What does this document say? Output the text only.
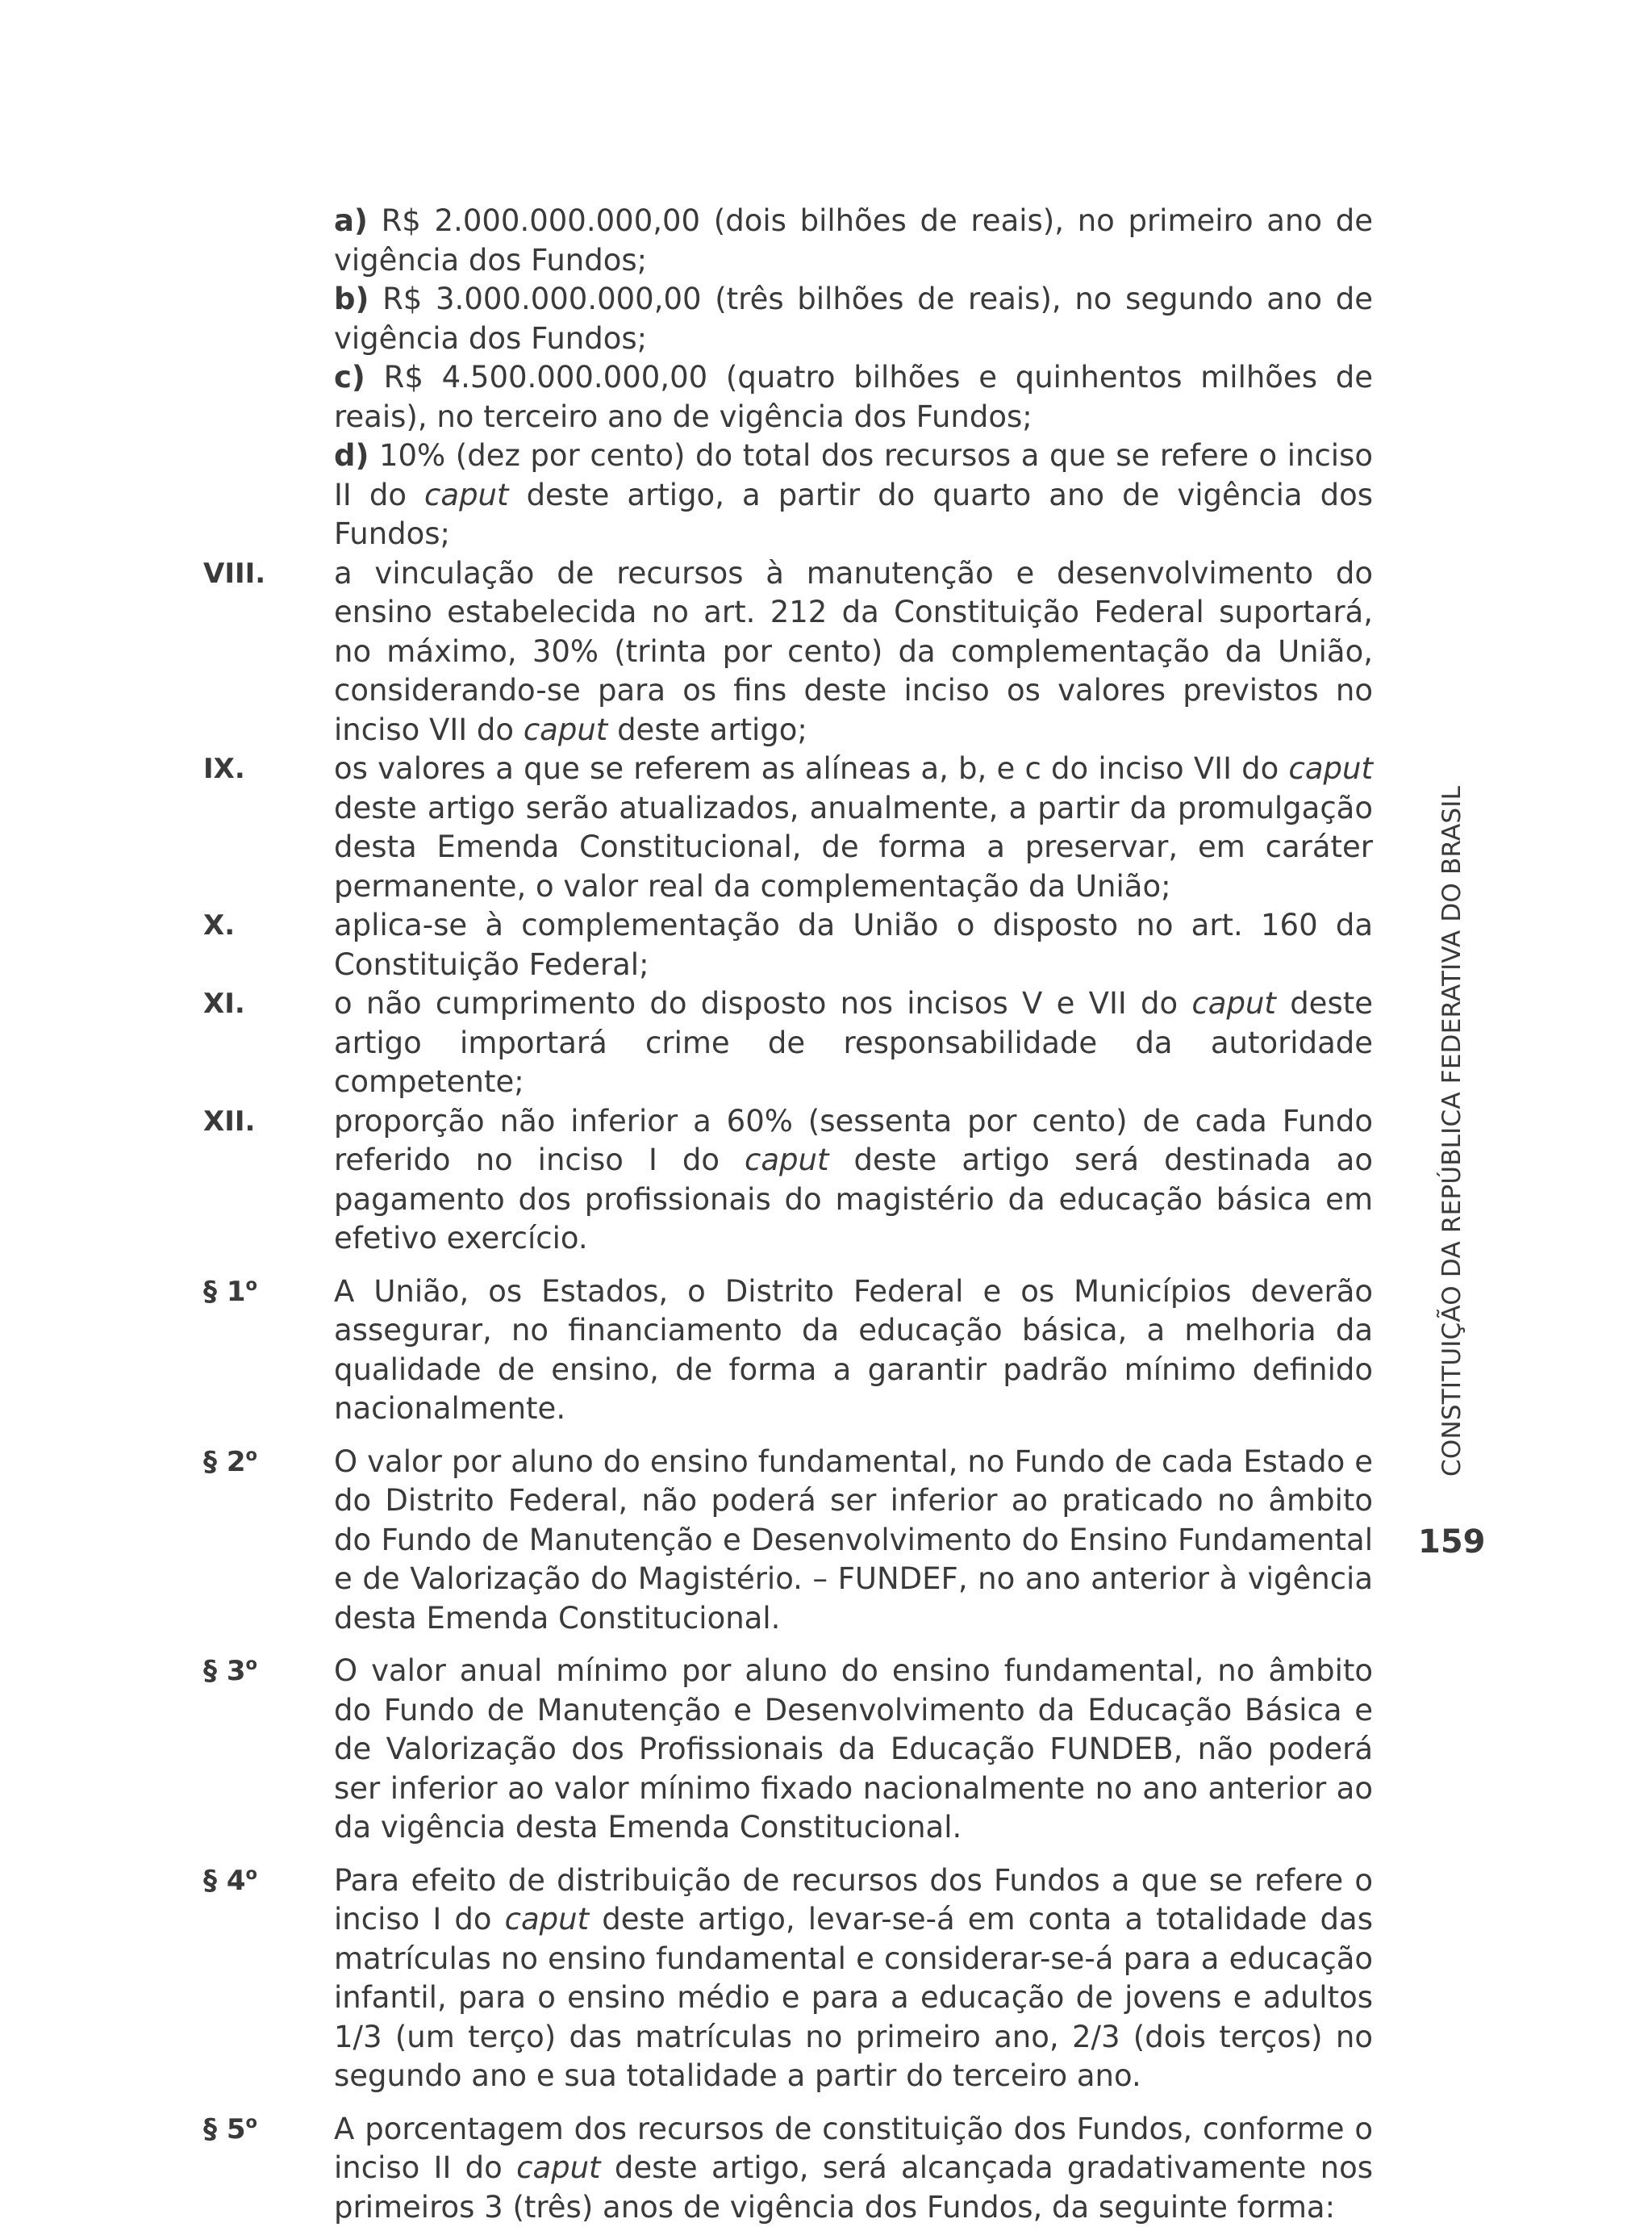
a) R$ 2.000.000.000,00 (dois bilhões de reais), no primeiro ano de vigência dos Fundos;
b) R$ 3.000.000.000,00 (três bilhões de reais), no segundo ano de vigência dos Fundos;
c) R$ 4.500.000.000,00 (quatro bilhões e quinhentos milhões de reais), no terceiro ano de vigência dos Fundos;
d) 10% (dez por cento) do total dos recursos a que se refere o inciso II do caput deste artigo, a partir do quarto ano de vigência dos Fundos;
VIII.	a vinculação de recursos à manutenção e desenvolvimento do ensino estabelecida no art. 212 da Constituição Federal suportará, no máximo, 30% (trinta por cento) da complementação da União, considerando-se para os fins deste inciso os valores previstos no inciso VII do caput deste artigo;
IX.	os valores a que se referem as alíneas a, b, e c do inciso VII do caput deste artigo serão atualizados, anualmente, a partir da promulgação desta Emenda Constitucional, de forma a preservar, em caráter permanente, o valor real da complementação da União;
X.	aplica-se à complementação da União o disposto no art. 160 da Constituição Federal;
XI.	o não cumprimento do disposto nos incisos V e VII do caput deste artigo importará crime de responsabilidade da autoridade competente;
XII.	proporção não inferior a 60% (sessenta por cento) de cada Fundo referido no inciso I do caput deste artigo será destinada ao pagamento dos profissionais do magistério da educação básica em efetivo exercício.
§ 1 o	A União, os Estados, o Distrito Federal e os Municípios deverão assegurar, no financiamento da educação básica, a melhoria da qualidade de ensino, de forma a garantir padrão mínimo definido nacionalmente.
§ 2 o	O valor por aluno do ensino fundamental, no Fundo de cada Estado e do Distrito Federal, não poderá ser inferior ao praticado no âmbito do Fundo de Manutenção e Desenvolvimento do Ensino Fundamental e de Valorização do Magistério. – FUNDEF, no ano anterior à vigência desta Emenda Constitucional.
§ 3 o	O valor anual mínimo por aluno do ensino fundamental, no âmbito do Fundo de Manutenção e Desenvolvimento da Educação Básica e de Valorização dos Profissionais da Educação FUNDEB, não poderá ser inferior ao valor mínimo fixado nacionalmente no ano anterior ao da vigência desta Emenda Constitucional.
§ 4 o	Para efeito de distribuição de recursos dos Fundos a que se refere o inciso I do caput deste artigo, levar-se-á em conta a totalidade das matrículas no ensino fundamental e considerar-se-á para a educação infantil, para o ensino médio e para a educação de jovens e adultos 1/3 (um terço) das matrículas no primeiro ano, 2/3 (dois terços) no segundo ano e sua totalidade a partir do terceiro ano.
§ 5 o	A porcentagem dos recursos de constituição dos Fundos, conforme o inciso II do caput deste artigo, será alcançada gradativamente nos primeiros 3 (três) anos de vigência dos Fundos, da seguinte forma:
CONSTITUIÇÃO DA REPÚBLICA FEDERATIVA DO BRASIL
159
